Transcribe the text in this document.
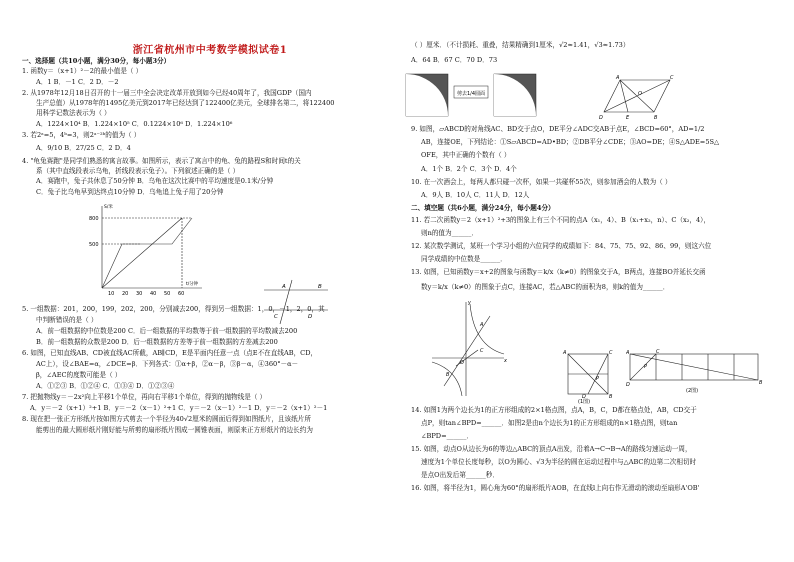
浙江省杭州市中考数学模拟试卷1
一、选择题（共10小题，满分30分，每小题3分）
1. 函数y＝（x+1）²－2的最小值是（ ）
A．1 B．－1 C．2 D．－2
2. 从1978年12月18日召开的十一届三中全会决定改革开放到如今已经40周年了，我国GDP（国内
生产总值）从1978年的1495亿美元到2017年已经达到了122400亿美元，全球排名第二，将122400
用科学记数法表示为（ ）
A．1224×10⁴ B．1.224×10⁵ C．0.1224×10⁶ D．1.224×10⁶
3. 若2ᵃ=5，4ᵇ=3，则2ᵃ⁻²ᵇ的值为（ ）
A．9/10 B．27/25 C．2 D．4
4. "龟兔赛跑"是同学们熟悉的寓言故事。如图所示，表示了寓言中的龟、兔的路程S和时间t的关
系（其中直线段表示乌龟，折线段表示兔子）。下列叙述正确的是（ ）
A．赛跑中，兔子共休息了50分钟 B．乌龟在这次比赛中的平均速度是0.1米/分钟
C．兔子比乌龟早到达终点10分钟 D．乌龟追上兔子用了20分钟
5. 一组数据：201，200，199，202，200，分别减去200，得到另一组数据：1，0，－1，2，0，其
中判断错误的是（ ）
A．前一组数据的中位数是200 C．后一组数据的平均数等于前一组数据的平均数减去200
B．前一组数据的众数是200 D．后一组数据的方差等于前一组数据的方差减去200
6. 如图，已知直线AB、CD被直线AC所截，AB∥CD，E是平面内任意一点（点E不在直线AB，CD，
AC上），设∠BAE=α，∠DCE=β．下列各式：①α+β，②α－β，③β－α，④360°－α－
β，∠AEC的度数可能是（ ）
A．①②③ B．①②④ C．①③④ D．①②③④
7. 把抛物线y＝－2x²向上平移1个单位，再向右平移1个单位，得到的抛物线是（ ）
A．y＝－2（x+1）²+1 B．y＝－2（x－1）²+1 C．y＝－2（x－1）²－1 D．y＝－2（x+1）²－1
8. 现在把一张正方形纸片按如图方式剪去一个半径为40√2厘米的圆面后得到如图纸片，且该纸片所
能剪出的最大圆形纸片刚好能与所剪的扇形纸片围成一圆锥表面，则原来正方形纸片的边长约为
800
500
10 20 30 40 50 60
t/分钟
S/米
A	B
C	D
（ ）厘米．（不计损耗、重叠，结果精确到1厘米，√2≈1.41，√3≈1.73）
A．64 B．67 C．70 D．73
9. 如图，▱ABCD的对角线AC、BD交于点O，DE平分∠ADC交AB于点E，∠BCD=60°，AD=1/2
AB，连接OE，下列结论：①S▱ABCD=AD•BD；②DB平分∠CDE；③AO=DE；④S△ADE=5S△
OFE，其中正确的个数有（ ）
A．1个 B．2个 C．3个 D．4个
10. 在一次酒会上，每两人都只碰一次杯，如果一共碰杯55次，则参加酒会的人数为（ ）
A．9人 B．10人 C．11人 D．12人
二、填空题（共6小题，满分24分，每小题4分）
11. 若二次函数y＝2（x+1）²+3的图象上有三个不同的点A（x₁，4）、B（x₁+x₂，n）、C（x₂，4），
则n的值为______．
12. 某次数学测试，某班一个学习小组的六位同学的成绩如下：84、75、75、92、86、99，则这六位
同学成绩的中位数是______．
13. 如图，已知函数y＝x+2的图象与函数y＝k/x（k≠0）的图象交于A，B两点，连接BO并延长交函
数y＝k/x（k≠0）的图象于点C，连接AC，若△ABC的面积为8，则k的值为______．
14. 如图1为两个边长为1的正方形组成的2×1格点图，点A，B，C，D都在格点处，AB，CD交于
点P，则tan∠BPD=______．如图2是由n个边长为1的正方形组成的n×1格点图，则tan
∠BPD=______．
15. 如图，动点O从边长为6的等边△ABC的顶点A出发，沿着A→C→B→A的路线匀速运动一周，
速度为1个单位长度每秒，以O为圆心、√3为半径的圆在运动过程中与△ABC的边第二次相切时
是点O出发后第______秒．
16. 如图，将半径为1，圆心角为60°的扇形纸片AOB，在直线l上向右作无滑动的滚动至扇形A'OB'
剪去1/4圆面
A
B
C
D	E
O
x
y
A
B
C
O
A
B
C
D
P
(1图)
A
B
C
D
P
(2图)
